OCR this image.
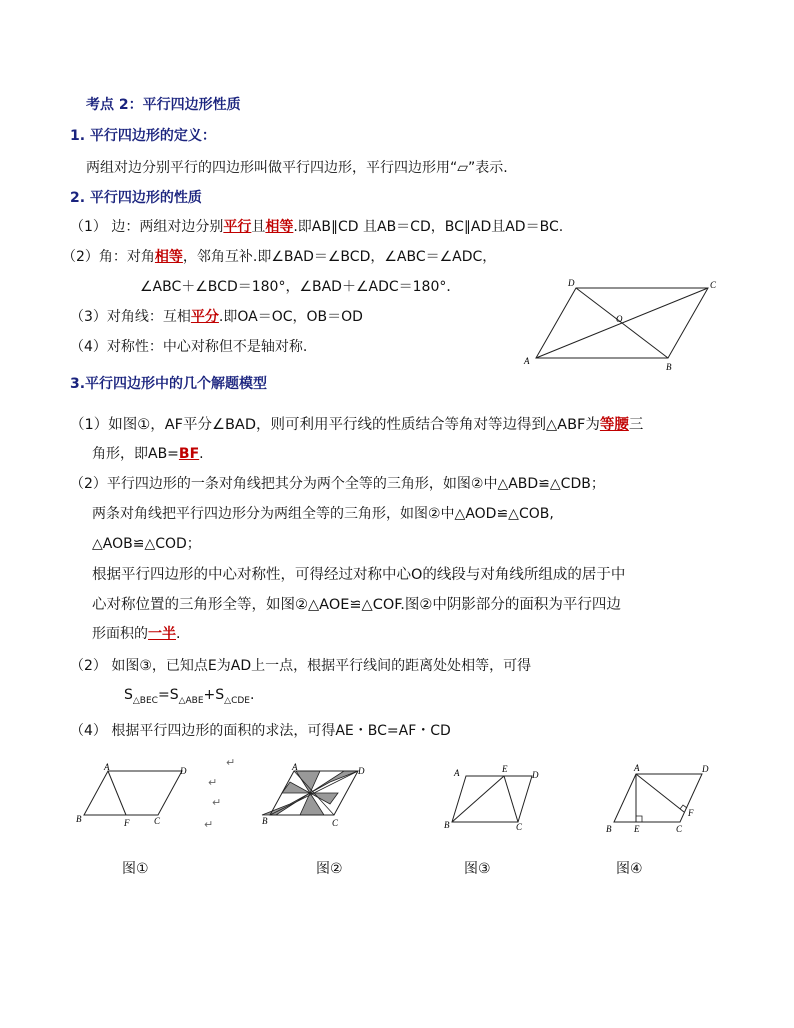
考点 2：平行四边形性质
1. 平行四边形的定义：
两组对边分别平行的四边形叫做平行四边形，平行四边形用“▱”表示.
2. 平行四边形的性质
（1） 边：两组对边分别平行且相等.即AB∥CD 且AB＝CD，BC∥AD且AD＝BC.
（2）角：对角相等，邻角互补.即∠BAD＝∠BCD，∠ABC＝∠ADC，
∠ABC＋∠BCD＝180°，∠BAD＋∠ADC＝180°．
（3）对角线：互相平分.即OA＝OC，OB＝OD
（4）对称性：中心对称但不是轴对称.
A
B
C
D
O
3.平行四边形中的几个解题模型
（1）如图①，AF平分∠BAD，则可利用平行线的性质结合等角对等边得到△ABF为等腰三
角形，即AB=BF.
（2）平行四边形的一条对角线把其分为两个全等的三角形，如图②中△ABD≌△CDB；
两条对角线把平行四边形分为两组全等的三角形，如图②中△AOD≌△COB,
△AOB≌△COD；
根据平行四边形的中心对称性，可得经过对称中心O的线段与对角线所组成的居于中
心对称位置的三角形全等，如图②△AOE≌△COF.图②中阴影部分的面积为平行四边
形面积的一半.
（2） 如图③，已知点E为AD上一点，根据平行线间的距离处处相等，可得
$S_{\triangle BEC}=S_{\triangle ABE}+S_{\triangle CDE}$.
（4） 根据平行四边形的面积的求法，可得AE・BC=AF・CD
A
B	F	C
D
↵
↵
↵
↵
图①
A
B	C
D
图②
A
B	C
D
E
图③
A
B	E	C
F
D
图④
